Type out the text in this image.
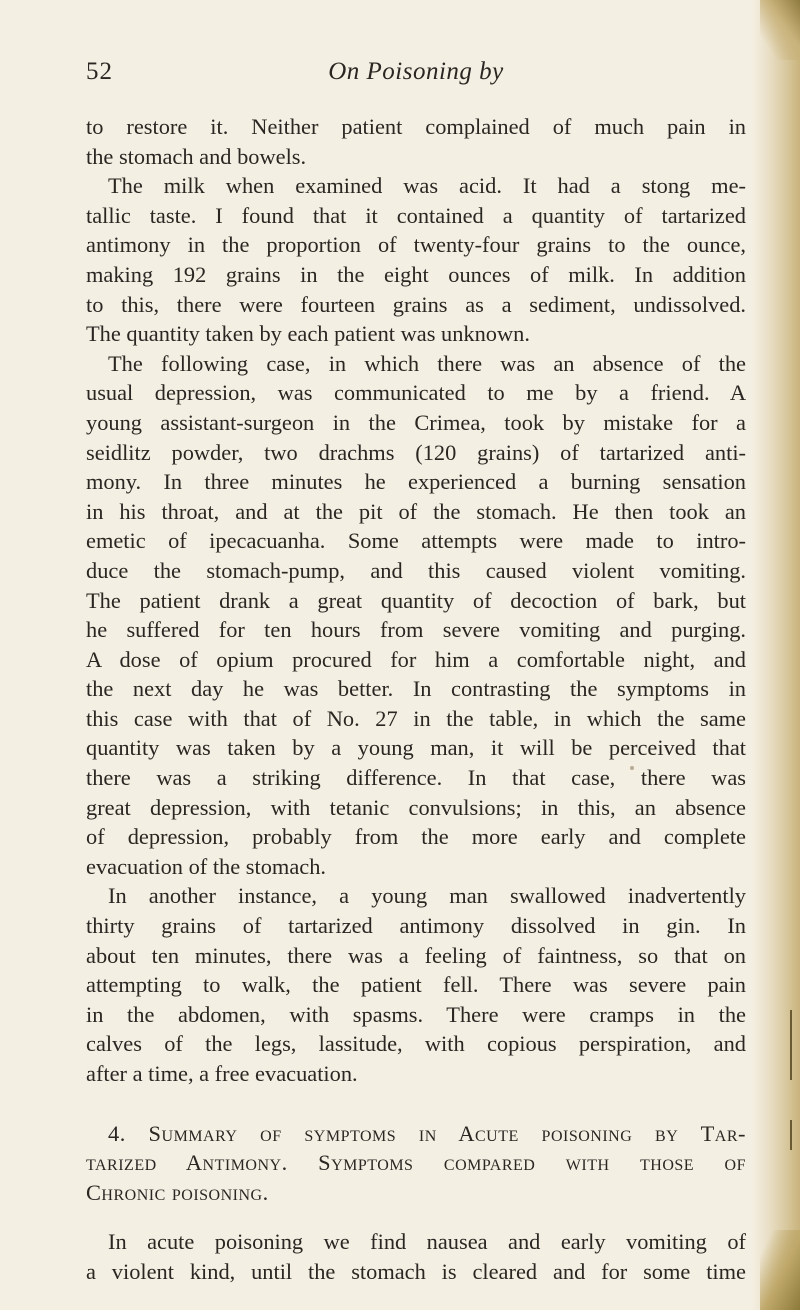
52	On Poisoning by
to restore it. Neither patient complained of much pain in
the stomach and bowels.
The milk when examined was acid. It had a stong me-
tallic taste. I found that it contained a quantity of tartarized
antimony in the proportion of twenty-four grains to the ounce,
making 192 grains in the eight ounces of milk. In addition
to this, there were fourteen grains as a sediment, undissolved.
The quantity taken by each patient was unknown.
The following case, in which there was an absence of the
usual depression, was communicated to me by a friend. A
young assistant-surgeon in the Crimea, took by mistake for a
seidlitz powder, two drachms (120 grains) of tartarized anti-
mony. In three minutes he experienced a burning sensation
in his throat, and at the pit of the stomach. He then took an
emetic of ipecacuanha. Some attempts were made to intro-
duce the stomach-pump, and this caused violent vomiting.
The patient drank a great quantity of decoction of bark, but
he suffered for ten hours from severe vomiting and purging.
A dose of opium procured for him a comfortable night, and
the next day he was better. In contrasting the symptoms in
this case with that of No. 27 in the table, in which the same
quantity was taken by a young man, it will be perceived that
there was a striking difference. In that case, there was
great depression, with tetanic convulsions; in this, an absence
of depression, probably from the more early and complete
evacuation of the stomach.
In another instance, a young man swallowed inadvertently
thirty grains of tartarized antimony dissolved in gin. In
about ten minutes, there was a feeling of faintness, so that on
attempting to walk, the patient fell. There was severe pain
in the abdomen, with spasms. There were cramps in the
calves of the legs, lassitude, with copious perspiration, and
after a time, a free evacuation.
4. Summary of symptoms in Acute poisoning by Tar-
tarized Antimony. Symptoms compared with those of
Chronic poisoning.
In acute poisoning we find nausea and early vomiting of
a violent kind, until the stomach is cleared and for some time
